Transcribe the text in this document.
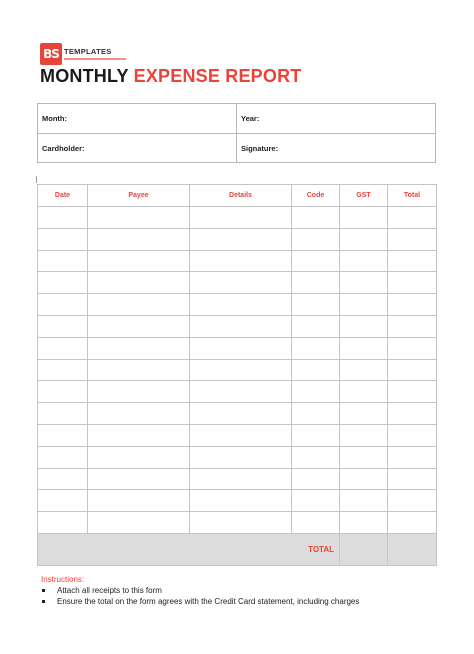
BS TEMPLATES
MONTHLY EXPENSE REPORT
Month:	Year:
Cardholder:	Signature:
Date	Payee	Details	Code	GST	Total

TOTAL					
Instructions:
Attach all receipts to this form
Ensure the total on the form agrees with the Credit Card statement, including charges
